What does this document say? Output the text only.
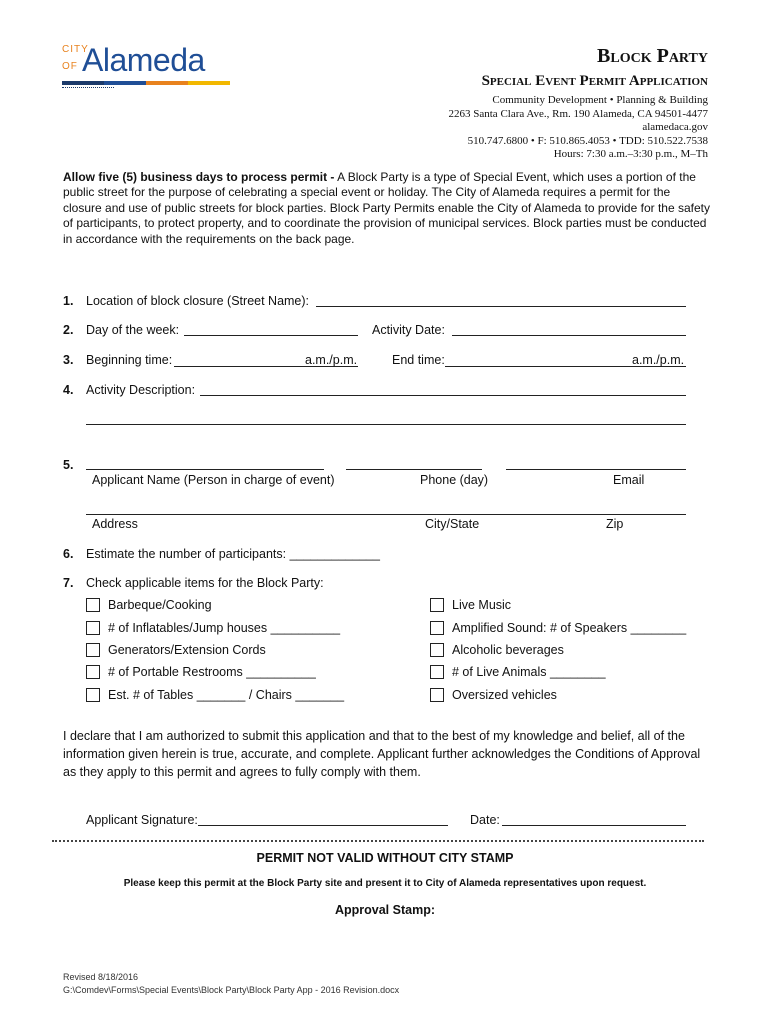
CITY
OF Alameda	Block Party
Special Event Permit Application
Community Development • Planning & Building
2263 Santa Clara Ave., Rm. 190 Alameda, CA 94501-4477
alamedaca.gov
510.747.6800 • F: 510.865.4053 • TDD: 510.522.7538
Hours: 7:30 a.m.–3:30 p.m., M–Th
Allow five (5) business days to process permit - A Block Party is a type of Special Event, which uses a portion of the public street for the purpose of celebrating a special event or holiday. The City of Alameda requires a permit for the closure and use of public streets for block parties. Block Party Permits enable the City of Alameda to provide for the safety of participants, to protect property, and to coordinate the provision of municipal services. Block parties must be conducted in accordance with the requirements on the back page.
1. Location of block closure (Street Name):
2. Day of the week:	Activity Date:
3. Beginning time:	a.m./p.m.	End time:	a.m./p.m.
4. Activity Description:
5.
Applicant Name (Person in charge of event)	Phone (day)	Email
Address	City/State	Zip
6. Estimate the number of participants: _____________
7. Check applicable items for the Block Party:
Barbeque/Cooking
# of Inflatables/Jump houses __________
Generators/Extension Cords
# of Portable Restrooms __________
Est. # of Tables _______ / Chairs _______
Live Music
Amplified Sound: # of Speakers ________
Alcoholic beverages
# of Live Animals ________
Oversized vehicles
I declare that I am authorized to submit this application and that to the best of my knowledge and belief, all of the information given herein is true, accurate, and complete. Applicant further acknowledges the Conditions of Approval as they apply to this permit and agrees to fully comply with them.
Applicant Signature:	Date:
PERMIT NOT VALID WITHOUT CITY STAMP
Please keep this permit at the Block Party site and present it to City of Alameda representatives upon request.
Approval Stamp:
Revised 8/18/2016
G:\Comdev\Forms\Special Events\Block Party\Block Party App - 2016 Revision.docx
